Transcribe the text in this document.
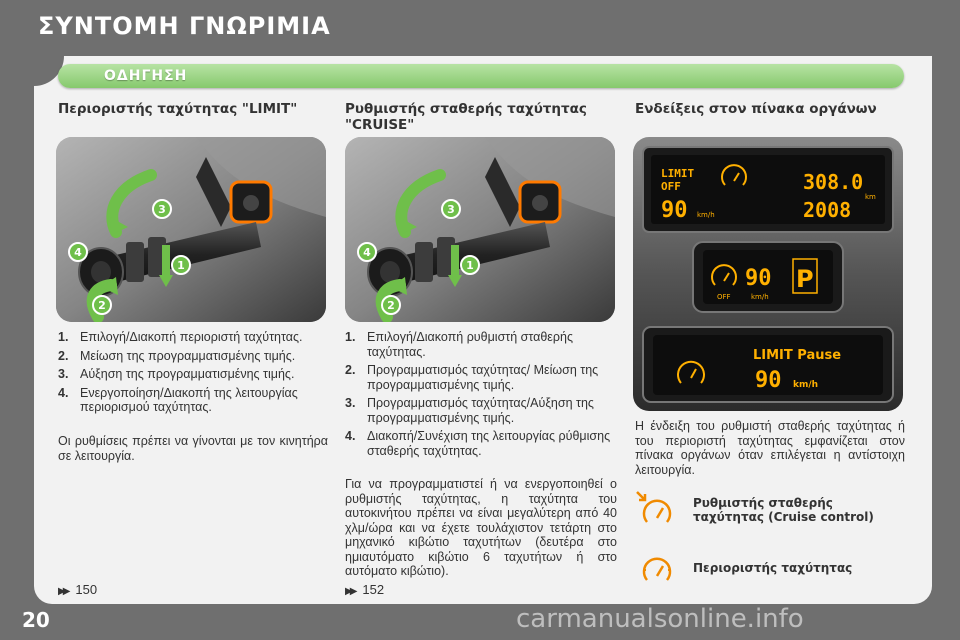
ΣΥΝΤΟΜΗ ΓΝΩΡΙΜΙΑ
ΟΔΗΓΗΣΗ
Περιοριστής ταχύτητας "LIMIT"
4
3
1
2
1. Επιλογή/Διακοπή περιοριστή ταχύτητας.
2. Μείωση της προγραμματισμένης τιμής.
3. Αύξηση της προγραμματισμένης τιμής.
4. Ενεργοποίηση/Διακοπή της λειτουργίας περιορισμού ταχύτητας.
Οι ρυθμίσεις πρέπει να γίνονται με τον κινητήρα σε λειτουργία.
▶▶ 150
Ρυθμιστής σταθερής ταχύτητας
"CRUISE"
4
3
1
2
1. Επιλογή/Διακοπή ρυθμιστή σταθερής ταχύτητας.
2. Προγραμματισμός ταχύτητας/ Μείωση της προγραμματισμένης τιμής.
3. Προγραμματισμός ταχύτητας/Αύξηση της προγραμματισμένης τιμής.
4. Διακοπή/Συνέχιση της λειτουργίας ρύθμισης σταθερής ταχύτητας.
Για να προγραμματιστεί ή να ενεργοποιηθεί ο ρυθμιστής ταχύτητας, η ταχύτητα του αυτοκινήτου πρέπει να είναι μεγαλύτερη από 40 χλμ/ώρα και να έχετε τουλάχιστον τετάρτη στο μηχανικό κιβώτιο ταχυτήτων (δευτέρα στο ημιαυτόματο κιβώτιο 6 ταχυτήτων ή στο αυτόματο κιβώτιο).
▶▶ 152
Ενδείξεις στον πίνακα οργάνων
LIMIT
OFF
90 km/h
308.0
km
2008
OFF
90
km/h
P
LIMIT Pause
90 km/h
Η ένδειξη του ρυθμιστή σταθερής ταχύτητας ή του περιοριστή ταχύτητας εμφανίζεται στον πίνακα οργάνων όταν επιλέγεται η αντίστοιχη λειτουργία.
Ρυθμιστής σταθερής
ταχύτητας (Cruise control)
Περιοριστής ταχύτητας
20	carmanualsonline.info
